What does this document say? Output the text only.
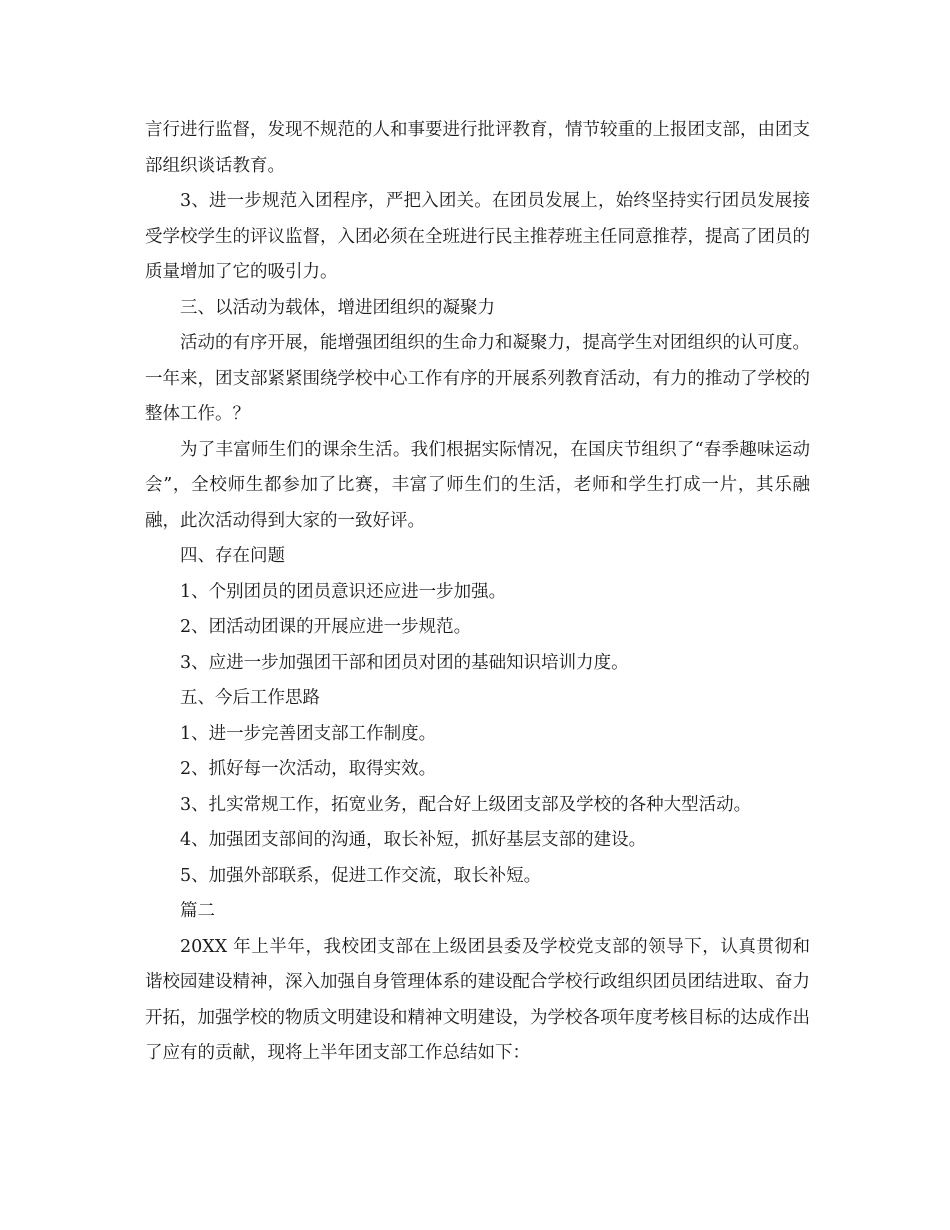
言行进行监督，发现不规范的人和事要进行批评教育，情节较重的上报团支部，由团支部组织谈话教育。

3、进一步规范入团程序，严把入团关。在团员发展上，始终坚持实行团员发展接受学校学生的评议监督，入团必须在全班进行民主推荐班主任同意推荐，提高了团员的质量增加了它的吸引力。

三、以活动为载体，增进团组织的凝聚力

活动的有序开展，能增强团组织的生命力和凝聚力，提高学生对团组织的认可度。一年来，团支部紧紧围绕学校中心工作有序的开展系列教育活动，有力的推动了学校的整体工作。？

为了丰富师生们的课余生活。我们根据实际情况，在国庆节组织了“春季趣味运动会”，全校师生都参加了比赛，丰富了师生们的生活，老师和学生打成一片，其乐融融，此次活动得到大家的一致好评。

四、存在问题

1、个别团员的团员意识还应进一步加强。

2、团活动团课的开展应进一步规范。

3、应进一步加强团干部和团员对团的基础知识培训力度。

五、今后工作思路

1、进一步完善团支部工作制度。

2、抓好每一次活动，取得实效。

3、扎实常规工作，拓宽业务，配合好上级团支部及学校的各种大型活动。

4、加强团支部间的沟通，取长补短，抓好基层支部的建设。

5、加强外部联系，促进工作交流，取长补短。

篇二

20XX 年上半年，我校团支部在上级团县委及学校党支部的领导下，认真贯彻和谐校园建设精神，深入加强自身管理体系的建设配合学校行政组织团员团结进取、奋力开拓，加强学校的物质文明建设和精神文明建设，为学校各项年度考核目标的达成作出了应有的贡献，现将上半年团支部工作总结如下：
